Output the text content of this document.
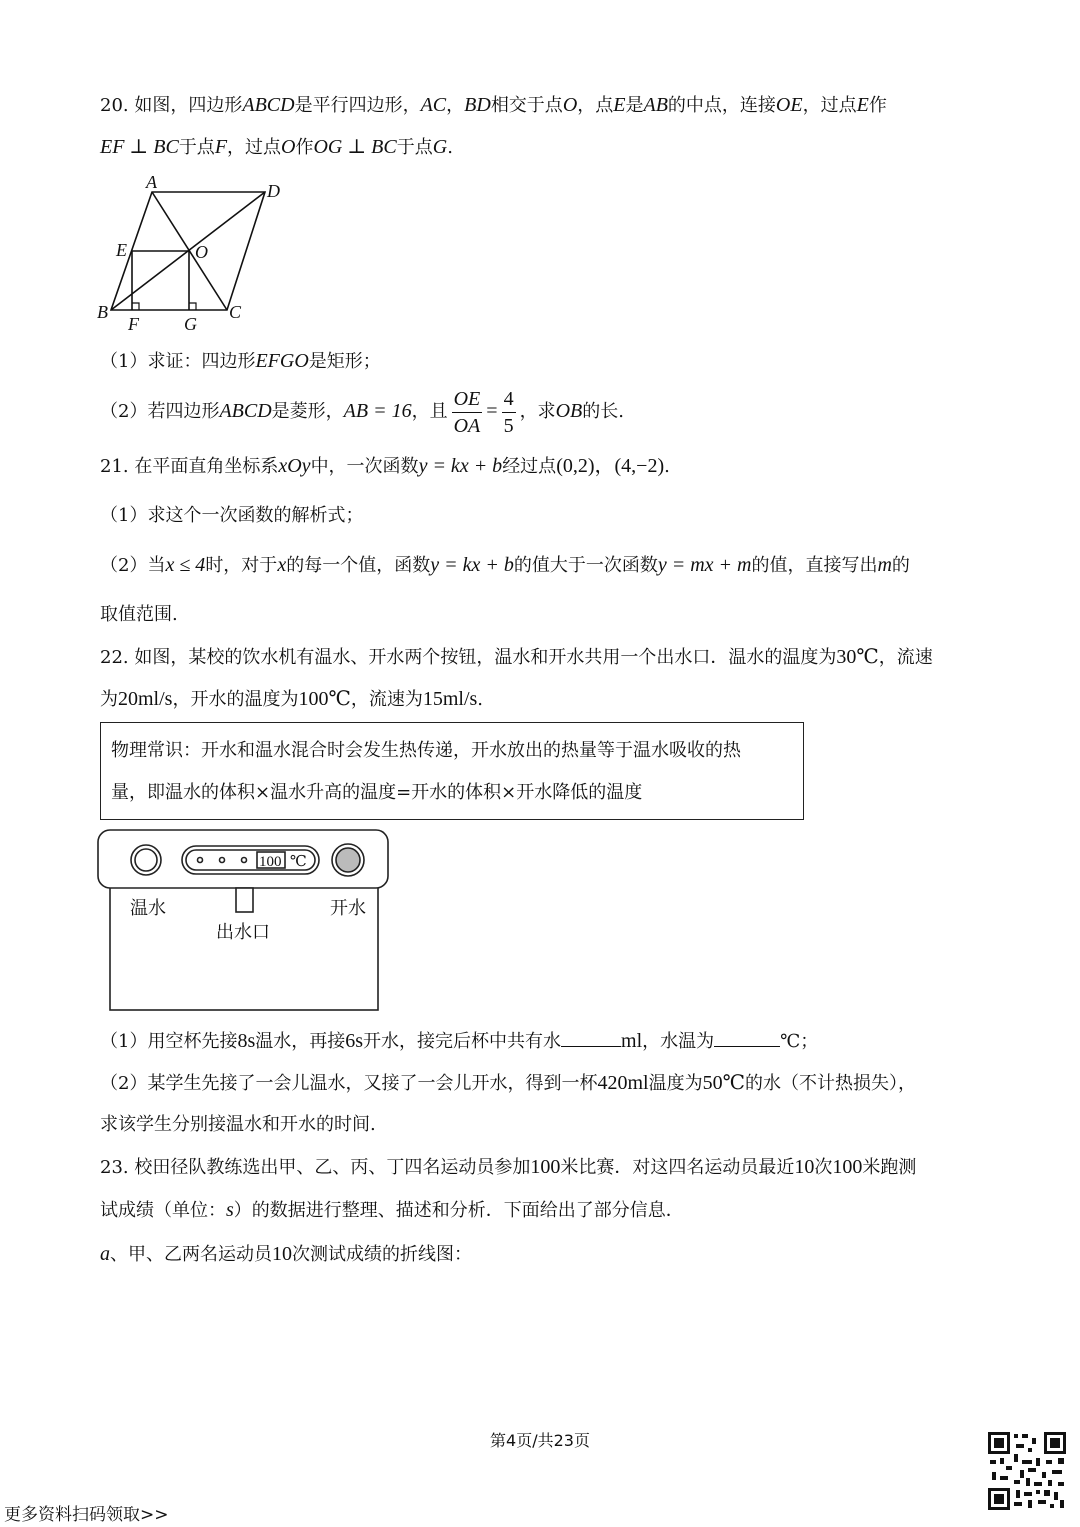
20. 如图，四边形ABCD是平行四边形，AC，BD相交于点O，点E是AB的中点，连接OE，过点E作
EF ⊥ BC于点F，过点O作OG ⊥ BC于点G.
A	D
E	O
B
F	G
C
（1）求证：四边形EFGO是矩形；
（2）若四边形ABCD是菱形，AB = 16，且 $\frac{OE}{OA} = \frac{4}{5}$ ，求OB的长.
21. 在平面直角坐标系xOy中，一次函数y = kx + b经过点(0,2)，(4,−2).
（1）求这个一次函数的解析式；
（2）当x ≤ 4时，对于x的每一个值，函数y = kx + b的值大于一次函数y = mx + m的值，直接写出m的
取值范围.
22. 如图，某校的饮水机有温水、开水两个按钮，温水和开水共用一个出水口．温水的温度为30℃，流速
为20ml/s，开水的温度为100℃，流速为15ml/s.
物理常识：开水和温水混合时会发生热传递，开水放出的热量等于温水吸收的热
量，即温水的体积×温水升高的温度=开水的体积×开水降低的温度
100 ℃
温水	开水
出水口
（1）用空杯先接8s温水，再接6s开水，接完后杯中共有水	ml，水温为	℃；
（2）某学生先接了一会儿温水，又接了一会儿开水，得到一杯420ml温度为50℃的水（不计热损失），
求该学生分别接温水和开水的时间.
23. 校田径队教练选出甲、乙、丙、丁四名运动员参加100米比赛．对这四名运动员最近10次100米跑测
试成绩（单位：s）的数据进行整理、描述和分析．下面给出了部分信息．
a、甲、乙两名运动员10次测试成绩的折线图：
第4页/共23页
更多资料扫码领取>>
